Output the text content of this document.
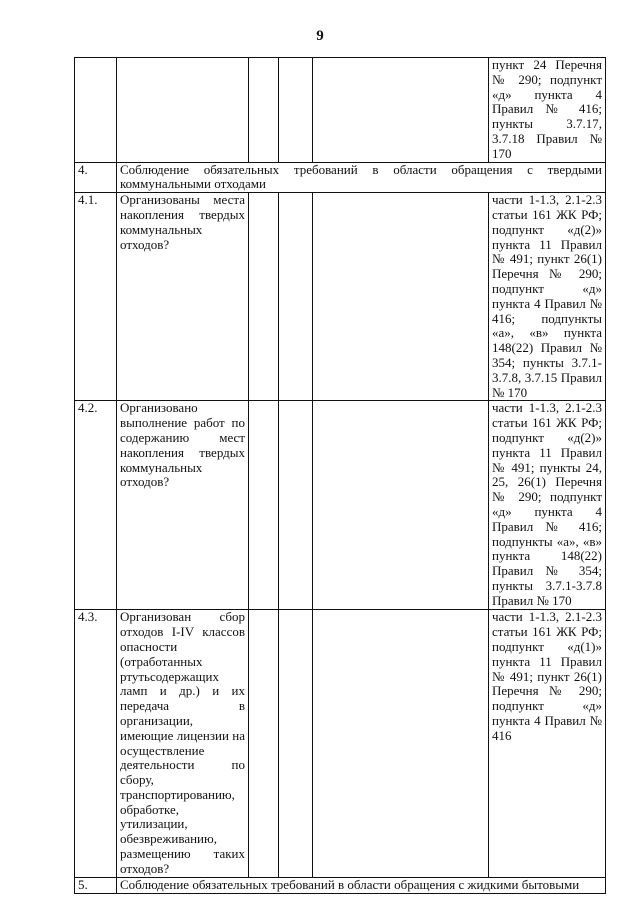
9
					пункт 24 Перечня № 290; подпункт «д» пункта 4 Правил № 416; пункты 3.7.17, 3.7.18 Правил № 170
4.	Соблюдение обязательных требований в области обращения с твердыми коммунальными отходами				
4.1.	Организованы места накопления твердых коммунальных отходов?				части 1-1.3, 2.1-2.3 статьи 161 ЖК РФ; подпункт «д(2)» пункта 11 Правил № 491; пункт 26(1) Перечня № 290; подпункт «д» пункта 4 Правил № 416; подпункты «а», «в» пункта 148(22) Правил № 354; пункты 3.7.1-3.7.8, 3.7.15 Правил № 170
4.2.	Организовано выполнение работ по содержанию мест накопления твердых коммунальных отходов?				части 1-1.3, 2.1-2.3 статьи 161 ЖК РФ; подпункт «д(2)» пункта 11 Правил № 491; пункты 24, 25, 26(1) Перечня № 290; подпункт «д» пункта 4 Правил № 416; подпункты «а», «в» пункта 148(22) Правил № 354; пункты 3.7.1-3.7.8 Правил № 170
4.3.	Организован сбор отходов I-IV классов опасности (отработанных ртутьсодержащих ламп и др.) и их передача в организации, имеющие лицензии на осуществление деятельности по сбору, транспортированию, обработке, утилизации, обезвреживанию, размещению таких отходов?				части 1-1.3, 2.1-2.3 статьи 161 ЖК РФ; подпункт «д(1)» пункта 11 Правил № 491; пункт 26(1) Перечня № 290; подпункт «д» пункта 4 Правил № 416
5.	Соблюдение обязательных требований в области обращения с жидкими бытовыми				
